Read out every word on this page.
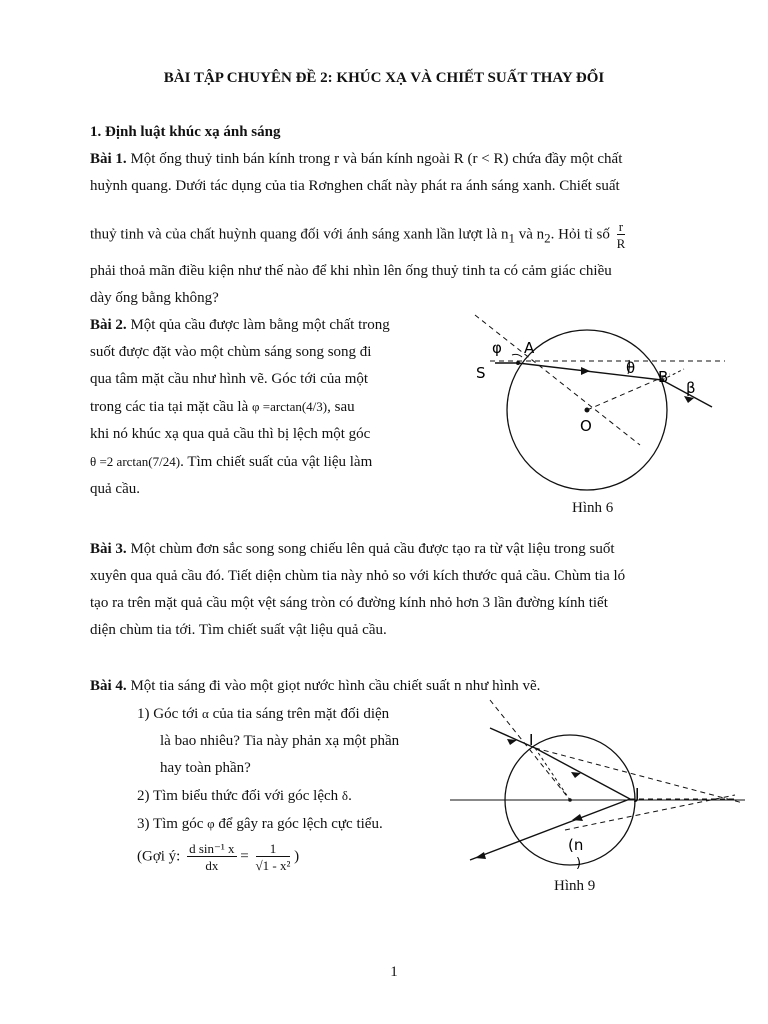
BÀI TẬP CHUYÊN ĐỀ 2: KHÚC XẠ VÀ CHIẾT SUẤT THAY ĐỔI
1. Định luật khúc xạ ánh sáng
Bài 1. Một ống thuỷ tinh bán kính trong r và bán kính ngoài R (r < R) chứa đầy một chất
huỳnh quang. Dưới tác dụng của tia Rơnghen chất này phát ra ánh sáng xanh. Chiết suất
thuỷ tinh và của chất huỳnh quang đối với ánh sáng xanh lần lượt là $n_1$ và $n_2$. Hỏi tỉ số $\frac{r}{R}$
phải thoả mãn điều kiện như thế nào để khi nhìn lên ống thuỷ tinh ta có cảm giác chiều
dày ống bằng không?
Bài 2. Một qủa cầu được làm bằng một chất trong
suốt được đặt vào một chùm sáng song song đi
qua tâm mặt cầu như hình vẽ. Góc tới của một
trong các tia tại mặt cầu là φ =arctan(4/3), sau
khi nó khúc xạ qua quả cầu thì bị lệch một góc
θ =2 arctan(7/24). Tìm chiết suất của vật liệu làm
quả cầu.
φ A
S	θ B
β
O
Hình 6
Bài 3. Một chùm đơn sắc song song chiếu lên quả cầu được tạo ra từ vật liệu trong suốt
xuyên qua quả cầu đó. Tiết diện chùm tia này nhỏ so với kích thước quả cầu. Chùm tia ló
tạo ra trên mặt quả cầu một vệt sáng tròn có đường kính nhỏ hơn 3 lần đường kính tiết
diện chùm tia tới. Tìm chiết suất vật liệu quả cầu.
Bài 4. Một tia sáng đi vào một giọt nước hình cầu chiết suất n như hình vẽ.
1) Góc tới α của tia sáng trên mặt đối diện
là bao nhiêu? Tia này phản xạ một phần
hay toàn phần?
2) Tìm biểu thức đối với góc lệch δ.
3) Tìm góc φ để gây ra góc lệch cực tiểu.
(Gợi ý: $\frac{\text{d sin⁻¹ x}}{dx} = \frac{1}{\text{√1 - x²}}$ )
I
J
(n
)
Hình 9
1
